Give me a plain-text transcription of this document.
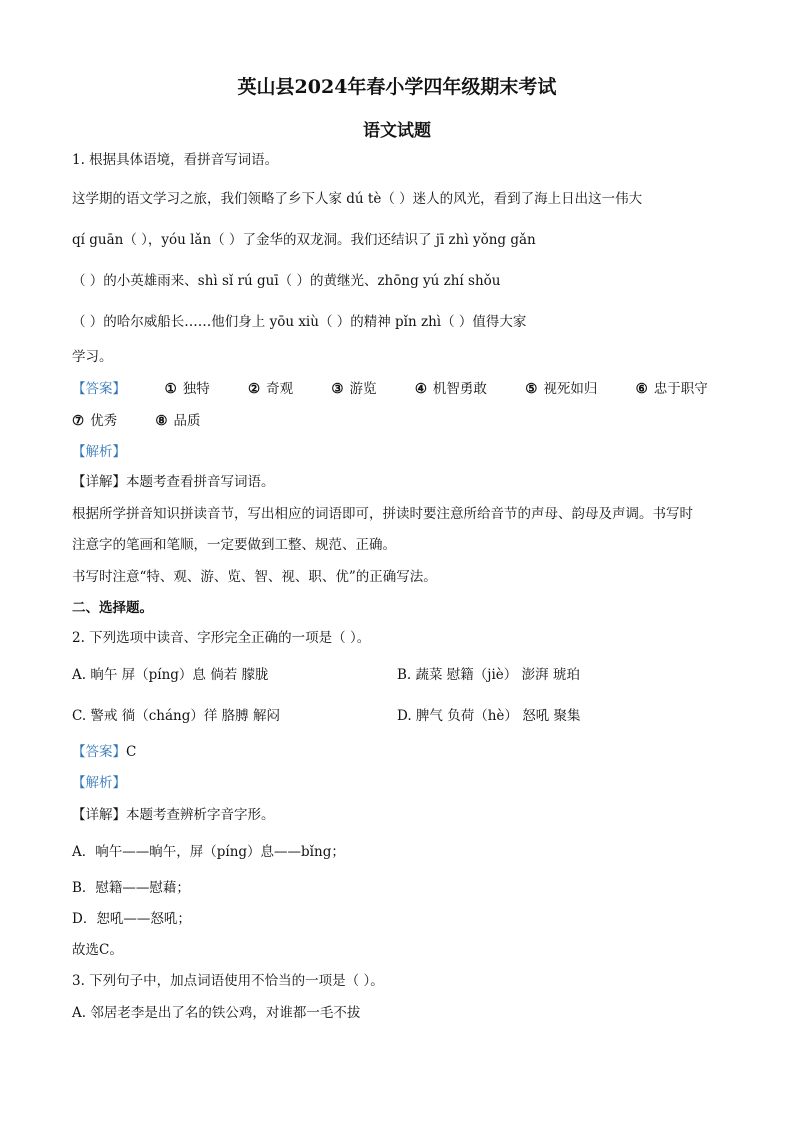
英山县2024年春小学四年级期末考试
语文试题
1. 根据具体语境，看拼音写词语。
这学期的语文学习之旅，我们领略了乡下人家 dú tè（ ）迷人的风光，看到了海上日出这一伟大
qí guān（ ），yóu lǎn（ ）了金华的双龙洞。我们还结识了 jī zhì yǒng gǎn
（ ）的小英雄雨来、shì sǐ rú guī（ ）的黄继光、zhōng yú zhí shǒu
（ ）的哈尔威船长……他们身上 yōu xiù（ ）的精神 pǐn zhì（ ）值得大家
学习。
【答案】	① 独特	② 奇观	③ 游览	④ 机智勇敢	⑤ 视死如归	⑥ 忠于职守
⑦ 优秀	⑧ 品质
【解析】
【详解】本题考查看拼音写词语。
根据所学拼音知识拼读音节，写出相应的词语即可，拼读时要注意所给音节的声母、韵母及声调。书写时
注意字的笔画和笔顺，一定要做到工整、规范、正确。
书写时注意“特、观、游、览、智、视、职、优”的正确写法。
二、选择题。
2. 下列选项中读音、字形完全正确的一项是（ ）。
A. 晌午 屏（píng）息 倘若 朦胧	B. 蔬菜 慰籍（jiè） 澎湃 琥珀
C. 警戒 徜（cháng）徉 胳膊 解闷	D. 脾气 负荷（hè） 怒吼 聚集
【答案】C
【解析】
【详解】本题考查辨析字音字形。
A．响午——晌午，屏（píng）息——bǐng；
B．慰籍——慰藉；
D．恕吼——怒吼；
故选C。
3. 下列句子中，加点词语使用不恰当的一项是（ ）。
A. 邻居老李是出了名的铁公鸡，对谁都一毛不拔
